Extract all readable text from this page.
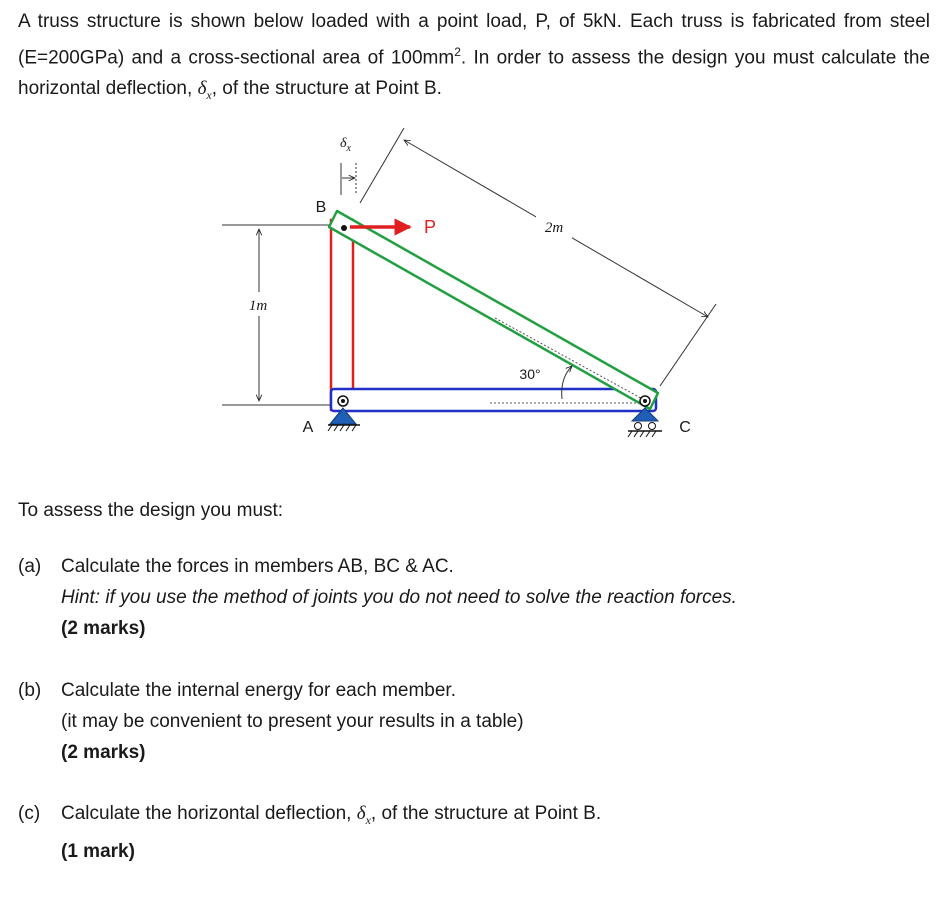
A truss structure is shown below loaded with a point load, P, of 5kN. Each truss is fabricated from steel (E=200GPa) and a cross-sectional area of $100mm^2$. In order to assess the design you must calculate the horizontal deflection, $\delta_x$, of the structure at Point B.
1m
30°
2m
$\delta_x$
B
P
A	C
To assess the design you must:
(a) Calculate the forces in members AB, BC & AC.
Hint: if you use the method of joints you do not need to solve the reaction forces.
(2 marks)
(b) Calculate the internal energy for each member.
(it may be convenient to present your results in a table)
(2 marks)
(c) Calculate the horizontal deflection, $\delta_x$, of the structure at Point B.
(1 mark)
